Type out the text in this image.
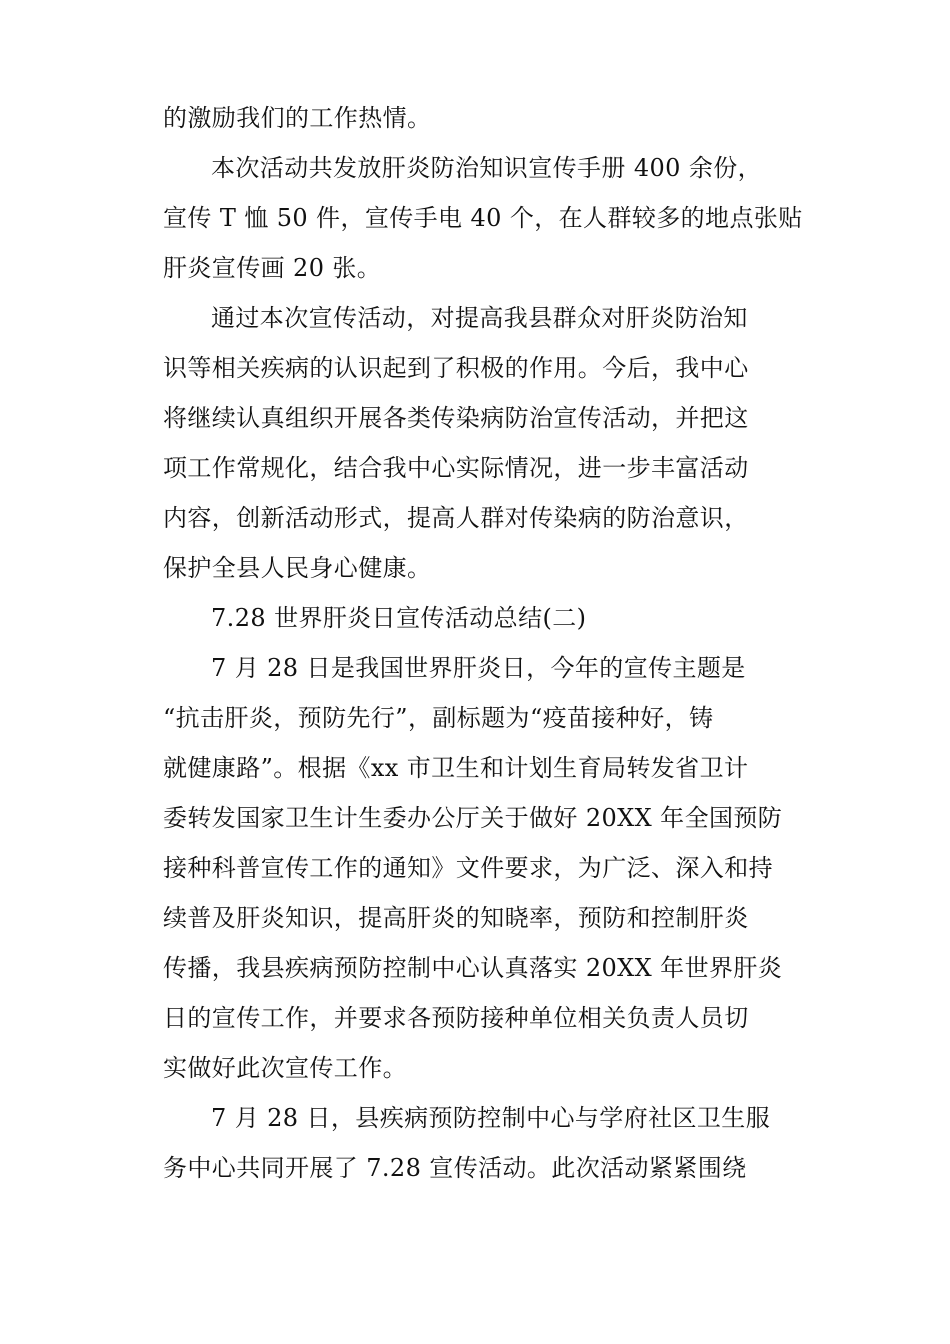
的激励我们的工作热情。
本次活动共发放肝炎防治知识宣传手册 400 余份，
宣传 T 恤 50 件，宣传手电 40 个，在人群较多的地点张贴
肝炎宣传画 20 张。
通过本次宣传活动，对提高我县群众对肝炎防治知
识等相关疾病的认识起到了积极的作用。今后，我中心
将继续认真组织开展各类传染病防治宣传活动，并把这
项工作常规化，结合我中心实际情况，进一步丰富活动
内容，创新活动形式，提高人群对传染病的防治意识，
保护全县人民身心健康。
7.28 世界肝炎日宣传活动总结(二)
7 月 28 日是我国世界肝炎日，今年的宣传主题是
“抗击肝炎，预防先行”，副标题为“疫苗接种好，铸
就健康路”。根据《xx 市卫生和计划生育局转发省卫计
委转发国家卫生计生委办公厅关于做好 20XX 年全国预防
接种科普宣传工作的通知》文件要求，为广泛、深入和持
续普及肝炎知识，提高肝炎的知晓率，预防和控制肝炎
传播，我县疾病预防控制中心认真落实 20XX 年世界肝炎
日的宣传工作，并要求各预防接种单位相关负责人员切
实做好此次宣传工作。
7 月 28 日，县疾病预防控制中心与学府社区卫生服
务中心共同开展了 7.28 宣传活动。此次活动紧紧围绕
